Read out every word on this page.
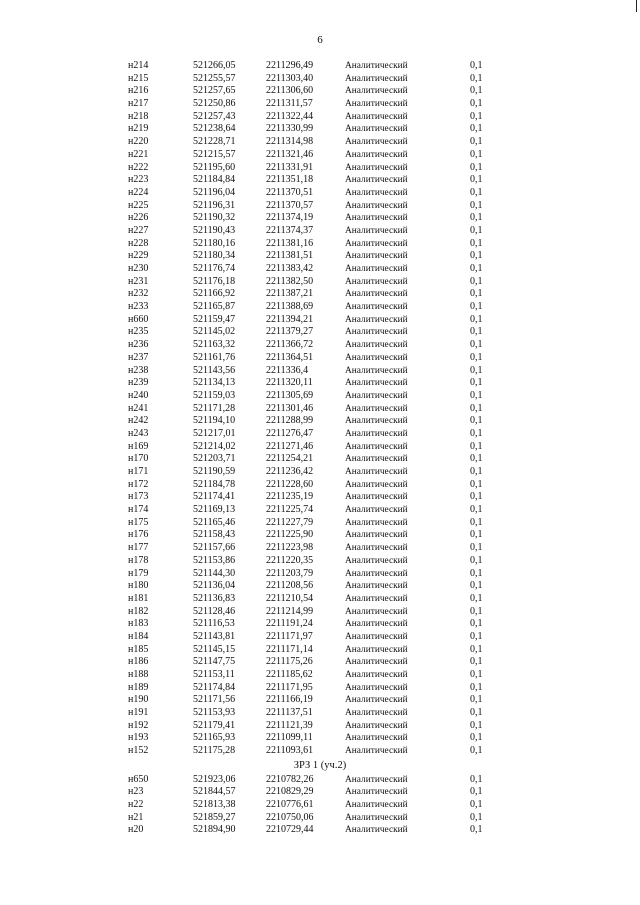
6
н214	521266,05	2211296,49	Аналитический	0,1
н215	521255,57	2211303,40	Аналитический	0,1
н216	521257,65	2211306,60	Аналитический	0,1
н217	521250,86	2211311,57	Аналитический	0,1
н218	521257,43	2211322,44	Аналитический	0,1
н219	521238,64	2211330,99	Аналитический	0,1
н220	521228,71	2211314,98	Аналитический	0,1
н221	521215,57	2211321,46	Аналитический	0,1
н222	521195,60	2211331,91	Аналитический	0,1
н223	521184,84	2211351,18	Аналитический	0,1
н224	521196,04	2211370,51	Аналитический	0,1
н225	521196,31	2211370,57	Аналитический	0,1
н226	521190,32	2211374,19	Аналитический	0,1
н227	521190,43	2211374,37	Аналитический	0,1
н228	521180,16	2211381,16	Аналитический	0,1
н229	521180,34	2211381,51	Аналитический	0,1
н230	521176,74	2211383,42	Аналитический	0,1
н231	521176,18	2211382,50	Аналитический	0,1
н232	521166,92	2211387,21	Аналитический	0,1
н233	521165,87	2211388,69	Аналитический	0,1
н660	521159,47	2211394,21	Аналитический	0,1
н235	521145,02	2211379,27	Аналитический	0,1
н236	521163,32	2211366,72	Аналитический	0,1
н237	521161,76	2211364,51	Аналитический	0,1
н238	521143,56	2211336,4	Аналитический	0,1
н239	521134,13	2211320,11	Аналитический	0,1
н240	521159,03	2211305,69	Аналитический	0,1
н241	521171,28	2211301,46	Аналитический	0,1
н242	521194,10	2211288,99	Аналитический	0,1
н243	521217,01	2211276,47	Аналитический	0,1
н169	521214,02	2211271,46	Аналитический	0,1
н170	521203,71	2211254,21	Аналитический	0,1
н171	521190,59	2211236,42	Аналитический	0,1
н172	521184,78	2211228,60	Аналитический	0,1
н173	521174,41	2211235,19	Аналитический	0,1
н174	521169,13	2211225,74	Аналитический	0,1
н175	521165,46	2211227,79	Аналитический	0,1
н176	521158,43	2211225,90	Аналитический	0,1
н177	521157,66	2211223,98	Аналитический	0,1
н178	521153,86	2211220,35	Аналитический	0,1
н179	521144,30	2211203,79	Аналитический	0,1
н180	521136,04	2211208,56	Аналитический	0,1
н181	521136,83	2211210,54	Аналитический	0,1
н182	521128,46	2211214,99	Аналитический	0,1
н183	521116,53	2211191,24	Аналитический	0,1
н184	521143,81	2211171,97	Аналитический	0,1
н185	521145,15	2211171,14	Аналитический	0,1
н186	521147,75	2211175,26	Аналитический	0,1
н188	521153,11	2211185,62	Аналитический	0,1
н189	521174,84	2211171,95	Аналитический	0,1
н190	521171,56	2211166,19	Аналитический	0,1
н191	521153,93	2211137,51	Аналитический	0,1
н192	521179,41	2211121,39	Аналитический	0,1
н193	521165,93	2211099,11	Аналитический	0,1
н152	521175,28	2211093,61	Аналитический	0,1
ЗРЗ 1 (уч.2)
н650	521923,06	2210782,26	Аналитический	0,1
н23	521844,57	2210829,29	Аналитический	0,1
н22	521813,38	2210776,61	Аналитический	0,1
н21	521859,27	2210750,06	Аналитический	0,1
н20	521894,90	2210729,44	Аналитический	0,1
